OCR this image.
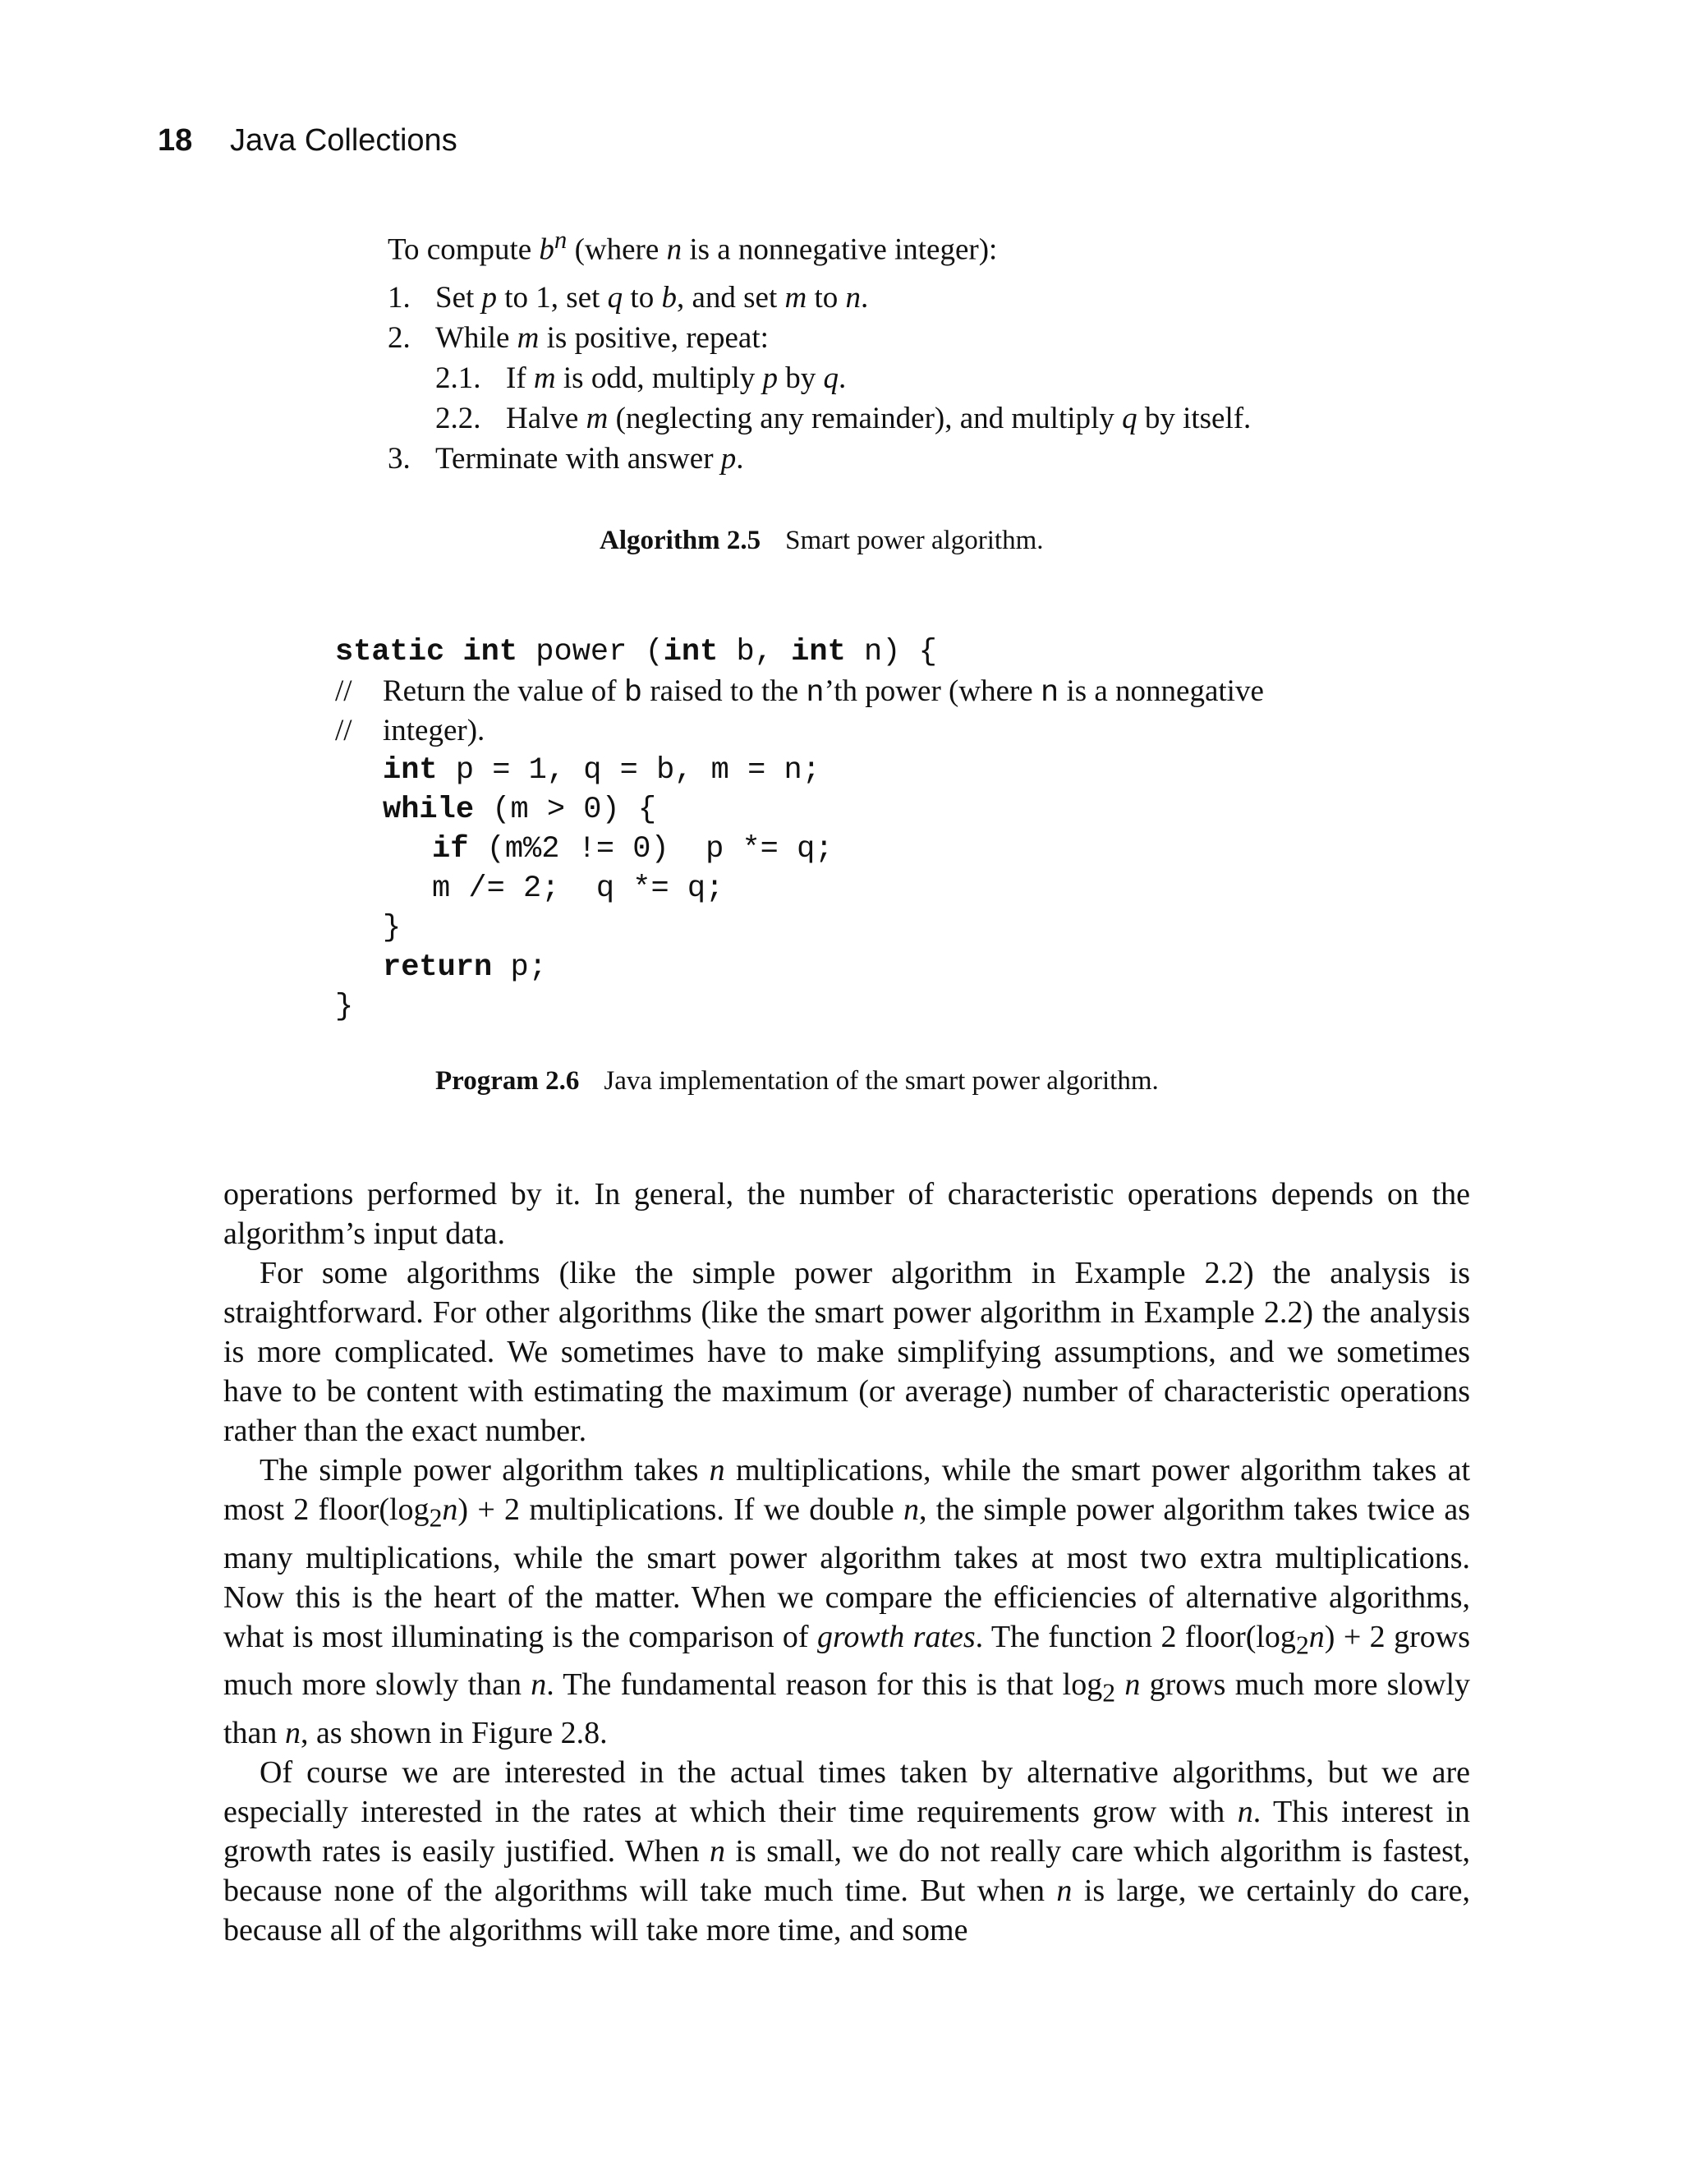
18 Java Collections
To compute $b^n$ (where n is a nonnegative integer):
1. Set p to 1, set q to b, and set m to n.
2. While m is positive, repeat:
2.1. If m is odd, multiply p by q.
2.2. Halve m (neglecting any remainder), and multiply q by itself.
3. Terminate with answer p.
Algorithm 2.5 Smart power algorithm.
static int power (int b, int n) {
// Return the value of b raised to the n’th power (where n is a nonnegative
// integer).
int p = 1, q = b, m = n;
while (m > 0) {
if (m%2 != 0)  p *= q;
m /= 2;  q *= q;
}
return p;
}
Program 2.6 Java implementation of the smart power algorithm.

operations performed by it. In general, the number of characteristic operations depends on the algorithm’s input data.

For some algorithms (like the simple power algorithm in Example 2.2) the analysis is straightforward. For other algorithms (like the smart power algorithm in Example 2.2) the analysis is more complicated. We sometimes have to make simplifying assumptions, and we sometimes have to be content with estimating the maximum (or average) number of characteristic operations rather than the exact number.

The simple power algorithm takes n multiplications, while the smart power algorithm takes at most 2 $floor(\log_2n) + 2$ multiplications. If we double n, the simple power algorithm takes twice as many multiplications, while the smart power algorithm takes at most two extra multiplications. Now this is the heart of the matter. When we compare the efficiencies of alternative algorithms, what is most illuminating is the comparison of growth rates. The function 2 $floor(\log_2n) + 2$ grows much more slowly than n. The fundamental reason for this is that $\log_2 n$ grows much more slowly than n, as shown in Figure 2.8.

Of course we are interested in the actual times taken by alternative algorithms, but we are especially interested in the rates at which their time requirements grow with n. This interest in growth rates is easily justified. When n is small, we do not really care which algorithm is fastest, because none of the algorithms will take much time. But when n is large, we certainly do care, because all of the algorithms will take more time, and some
